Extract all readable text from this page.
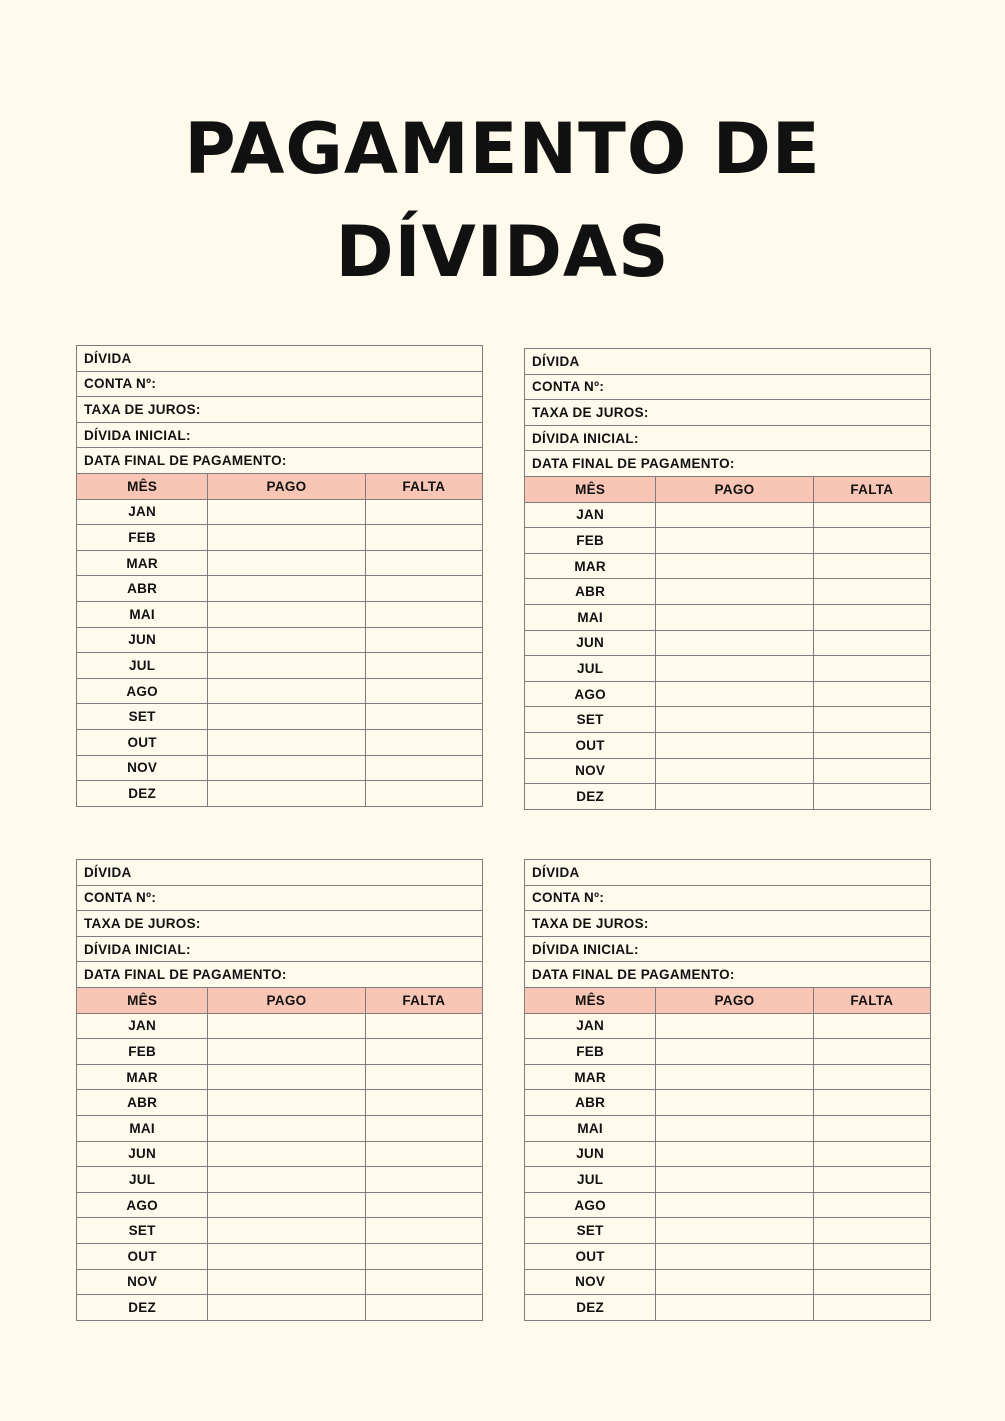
PAGAMENTO DE
DÍVIDAS
DÍVIDA		
CONTA Nº:		
TAXA DE JUROS:		
DÍVIDA INICIAL:		
DATA FINAL DE PAGAMENTO:		
MÊS	PAGO	FALTA
JAN		
FEB		
MAR		
ABR		
MAI		
JUN		
JUL		
AGO		
SET		
OUT		
NOV		
DEZ		
DÍVIDA		
CONTA Nº:		
TAXA DE JUROS:		
DÍVIDA INICIAL:		
DATA FINAL DE PAGAMENTO:		
MÊS	PAGO	FALTA
JAN		
FEB		
MAR		
ABR		
MAI		
JUN		
JUL		
AGO		
SET		
OUT		
NOV		
DEZ		
DÍVIDA		
CONTA Nº:		
TAXA DE JUROS:		
DÍVIDA INICIAL:		
DATA FINAL DE PAGAMENTO:		
MÊS	PAGO	FALTA
JAN		
FEB		
MAR		
ABR		
MAI		
JUN		
JUL		
AGO		
SET		
OUT		
NOV		
DEZ		
DÍVIDA		
CONTA Nº:		
TAXA DE JUROS:		
DÍVIDA INICIAL:		
DATA FINAL DE PAGAMENTO:		
MÊS	PAGO	FALTA
JAN		
FEB		
MAR		
ABR		
MAI		
JUN		
JUL		
AGO		
SET		
OUT		
NOV		
DEZ		
